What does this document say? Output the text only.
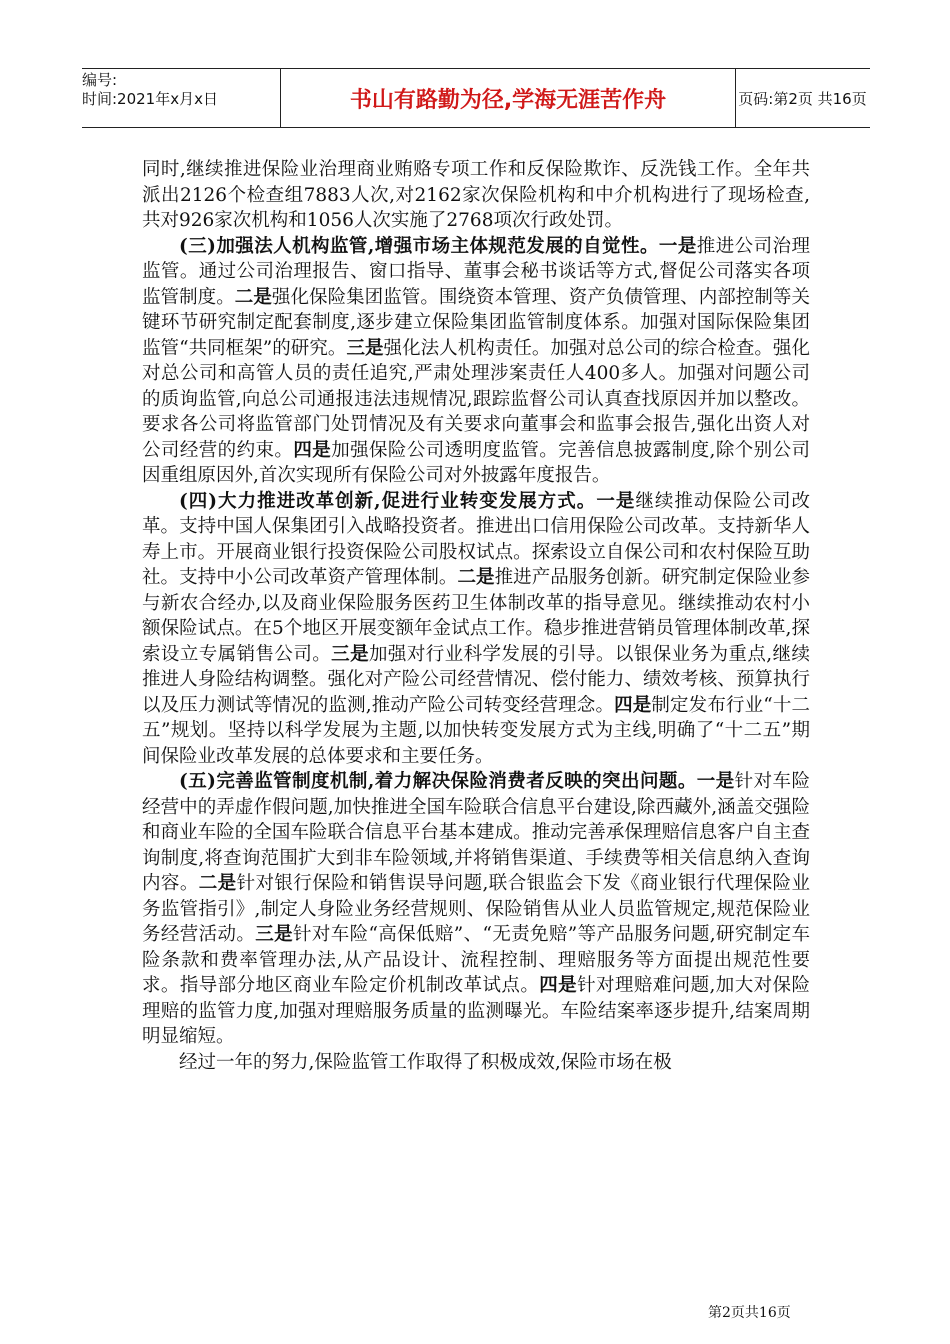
编号:
时间:2021年x月x日	书山有路勤为径,学海无涯苦作舟	页码:第2页 共16页

同时,继续推进保险业治理商业贿赂专项工作和反保险欺诈、反洗钱工作。全年共派出2126个检查组7883人次,对2162家次保险机构和中介机构进行了现场检查,共对926家次机构和1056人次实施了2768项次行政处罚。

(三)加强法人机构监管,增强市场主体规范发展的自觉性。一是推进公司治理监管。通过公司治理报告、窗口指导、董事会秘书谈话等方式,督促公司落实各项监管制度。二是强化保险集团监管。围绕资本管理、资产负债管理、内部控制等关键环节研究制定配套制度,逐步建立保险集团监管制度体系。加强对国际保险集团监管“共同框架”的研究。三是强化法人机构责任。加强对总公司的综合检查。强化对总公司和高管人员的责任追究,严肃处理涉案责任人400多人。加强对问题公司的质询监管,向总公司通报违法违规情况,跟踪监督公司认真查找原因并加以整改。要求各公司将监管部门处罚情况及有关要求向董事会和监事会报告,强化出资人对公司经营的约束。四是加强保险公司透明度监管。完善信息披露制度,除个别公司因重组原因外,首次实现所有保险公司对外披露年度报告。

(四)大力推进改革创新,促进行业转变发展方式。一是继续推动保险公司改革。支持中国人保集团引入战略投资者。推进出口信用保险公司改革。支持新华人寿上市。开展商业银行投资保险公司股权试点。探索设立自保公司和农村保险互助社。支持中小公司改革资产管理体制。二是推进产品服务创新。研究制定保险业参与新农合经办,以及商业保险服务医药卫生体制改革的指导意见。继续推动农村小额保险试点。在5个地区开展变额年金试点工作。稳步推进营销员管理体制改革,探索设立专属销售公司。三是加强对行业科学发展的引导。以银保业务为重点,继续推进人身险结构调整。强化对产险公司经营情况、偿付能力、绩效考核、预算执行以及压力测试等情况的监测,推动产险公司转变经营理念。四是制定发布行业“十二五”规划。坚持以科学发展为主题,以加快转变发展方式为主线,明确了“十二五”期间保险业改革发展的总体要求和主要任务。

(五)完善监管制度机制,着力解决保险消费者反映的突出问题。一是针对车险经营中的弄虚作假问题,加快推进全国车险联合信息平台建设,除西藏外,涵盖交强险和商业车险的全国车险联合信息平台基本建成。推动完善承保理赔信息客户自主查询制度,将查询范围扩大到非车险领域,并将销售渠道、手续费等相关信息纳入查询内容。二是针对银行保险和销售误导问题,联合银监会下发《商业银行代理保险业务监管指引》,制定人身险业务经营规则、保险销售从业人员监管规定,规范保险业务经营活动。三是针对车险“高保低赔”、“无责免赔”等产品服务问题,研究制定车险条款和费率管理办法,从产品设计、流程控制、理赔服务等方面提出规范性要求。指导部分地区商业车险定价机制改革试点。四是针对理赔难问题,加大对保险理赔的监管力度,加强对理赔服务质量的监测曝光。车险结案率逐步提升,结案周期明显缩短。

经过一年的努力,保险监管工作取得了积极成效,保险市场在极

第2页共16页
